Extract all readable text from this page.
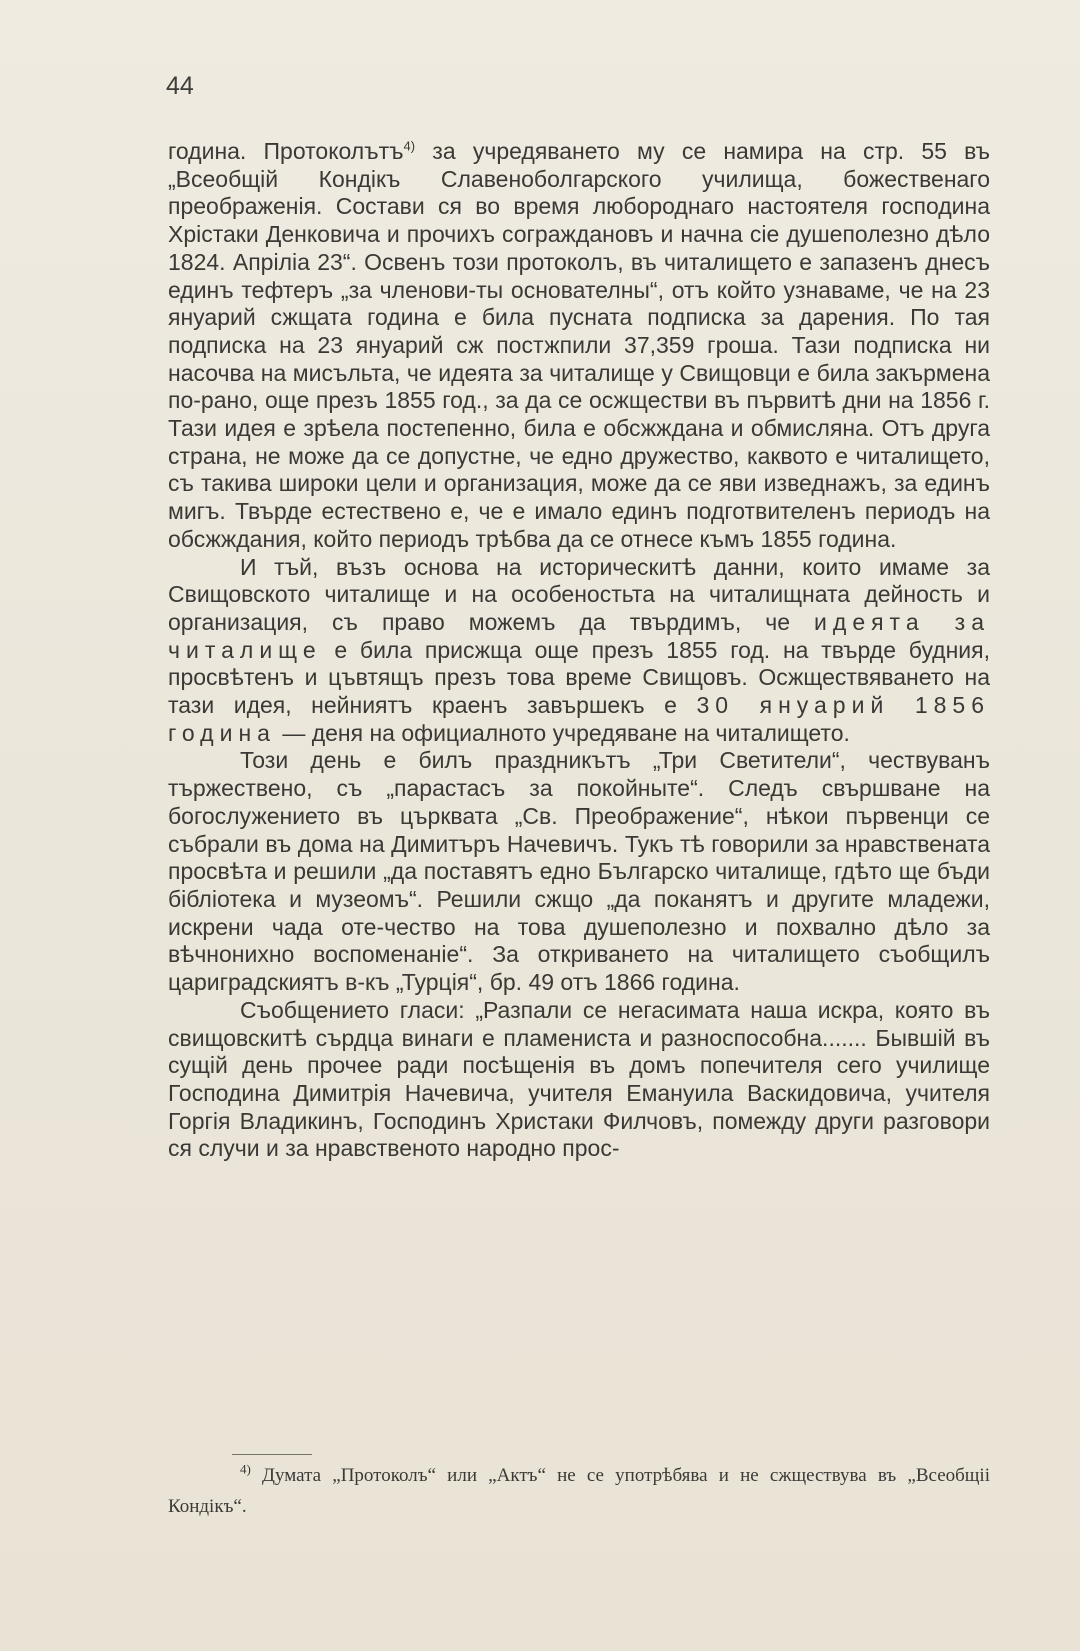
44

година. Протоколътъ$^{4)}$ за учредяването му се намира на стр. 55 въ „Всеобщій Кондікъ Славеноболгарского училища, божественаго преображенія. Состави ся во время любороднаго настоятеля господина Хрістаки Денковича и прочихъ сограждановъ и начна сіе душеполезно дѣло 1824. Апріліа 23“. Освенъ този протоколъ, въ читалището е запазенъ днесъ единъ тефтеръ „за членови-ты основателны“, отъ който узнаваме, че на 23 януарий сжщата година е била пусната подписка за дарения. По тая подписка на 23 януарий сж постжпили 37,359 гроша. Тази подписка ни насочва на мисъльта, че идеята за читалище у Свищовци е била закърмена по-рано, още презъ 1855 год., за да се осжществи въ първитѣ дни на 1856 г. Тази идея е зрѣела постепенно, била е обсжждана и обмисляна. Отъ друга страна, не може да се допустне, че едно дружество, каквото е читалището, съ такива широки цели и организация, може да се яви изведнажъ, за единъ мигъ. Твърде естествено е, че е имало единъ подготвителенъ периодъ на обсжждания, който периодъ трѣбва да се отнесе къмъ 1855 година.

И тъй, възъ основа на историческитѣ данни, които имаме за Свищовското читалище и на особеностьта на читалищната дейность и организация, съ право можемъ да твърдимъ, че идеята за читалище е била присжща още презъ 1855 год. на твърде будния, просвѣтенъ и цъвтящъ презъ това време Свищовъ. Осжществяването на тази идея, нейниятъ краенъ завършекъ е 30 януарий 1856 година — деня на официалното учредяване на читалището.

Този день е билъ праздникътъ „Три Светители“, чествуванъ тържествено, съ „парастасъ за покойныте“. Следъ свършване на богослужението въ църквата „Св. Преображение“, нѣкои първенци се събрали въ дома на Димитъръ Начевичъ. Тукъ тѣ говорили за нравствената просвѣта и решили „да поставятъ едно Българско читалище, гдѣто ще бъди бібліотека и музеомъ“. Решили сжщо „да поканятъ и другите младежи, искрени чада оте-чество на това душеполезно и похвално дѣло за вѣчнонихно воспоменаніе“. За откриването на читалището съобщилъ цариградскиятъ в-къ „Турція“, бр. 49 отъ 1866 година.

Съобщението гласи: „Разпали се негасимата наша искра, която въ свищовскитѣ сърдца винаги е пламениста и разноспособна....... Бывшій въ сущій день прочее ради посѣщенія въ домъ попечителя сего училище Господина Димитрія Начевича, учителя Емануила Васкидовича, учителя Горгія Владикинъ, Господинъ Христаки Филчовъ, помежду други разговори ся случи и за нравственото народно прос-

$^{4)}$ Думата „Протоколъ“ или „Актъ“ не се употрѣбява и не сжществува въ „Всеобщіі Кондікъ“.
